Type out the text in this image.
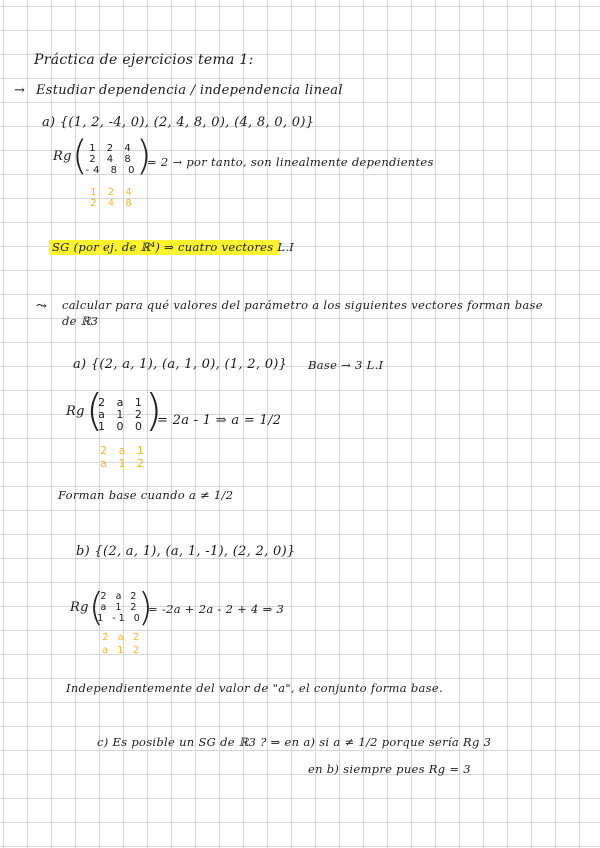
Práctica de ejercicios tema 1:
→ Estudiar dependencia / independencia lineal
a) {(1, 2, -4, 0), (2, 4, 8, 0), (4, 8, 0, 0)}
Rg ( 1 2 4
2 4 8
-4 8 0
)
= 2 → por tanto, son linealmente dependientes
1 2 4
2 4 8
SG (por ej. de ℝ⁴) ⇒ cuatro vectores L.I
⤳ calcular para qué valores del parámetro a los siguientes vectores forman base
de ℝ3
a) {(2, a, 1), (a, 1, 0), (1, 2, 0)} Base → 3 L.I
Rg (
2 a 1
a 1 2
1 0 0 )
= 2a - 1 ⇒ a = 1/2
2 a 1
a 1 2
Forman base cuando a ≠ 1/2
b) {(2, a, 1), (a, 1, -1), (2, 2, 0)}
Rg (
2 a 2
a 1 2
1 -1 0
)
= -2a + 2a - 2 + 4 ⇒ 3
2 a 2
a 1 2
Independientemente del valor de "a", el conjunto forma base.
c) Es posible un SG de ℝ3 ? ⇒ en a) si a ≠ 1/2 porque sería Rg 3
en b) siempre pues Rg = 3
